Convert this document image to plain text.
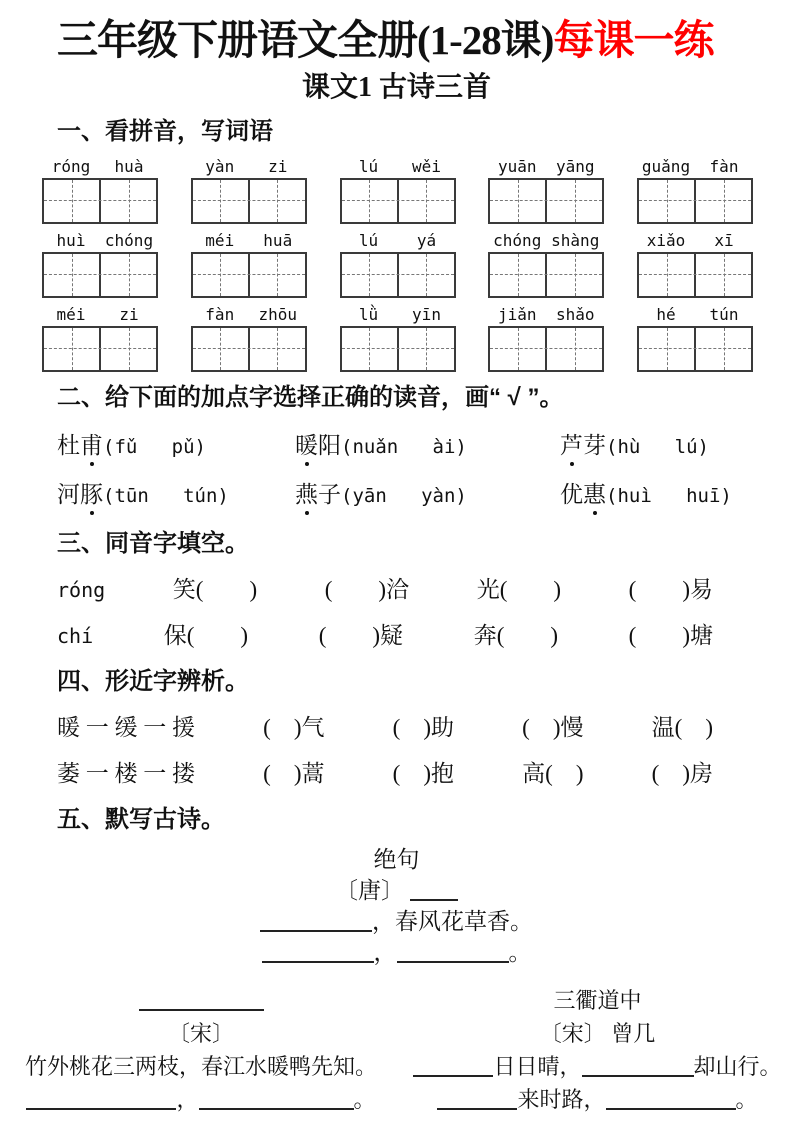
三年级下册语文全册(1-28课)每课一练
课文1 古诗三首
一、看拼音，写词语
róng	huà	yàn	zi	lú	wěi	yuān	yāng	guǎng	fàn
huì	chóng	méi	huā	lú	yá	chóng shàng	xiǎo	xī
méi	zi	fàn	zhōu	lǜ	yīn	jiǎn	shǎo	hé	tún
二、给下面的加点字选择正确的读音，画“ √ ”。
杜甫(fǔ   pǔ)	暖阳(nuǎn   ài)	芦芽(hù   lú)
河豚(tūn   tún)	燕子(yān   yàn)	优惠(huì   huī)
三、同音字填空。
róng	笑(　　)	(　　)洽	光(　　)	(　　)易
chí	保(　　)	(　　)疑	奔(　　)	(　　)塘
四、形近字辨析。
暖 一 缓 一 援	(　)气	(　)助	(　)慢	温(　)
萎 一 楼 一 搂	(　)蒿	(　)抱	高(　)	(　)房
五、默写古诗。
绝句
〔唐〕
，春风花草香。
，	。
〔宋〕
竹外桃花三两枝，春江水暖鸭先知。
，	。
三衢道中
〔宋〕 曾几
日日晴，	却山行。
来时路，	。
